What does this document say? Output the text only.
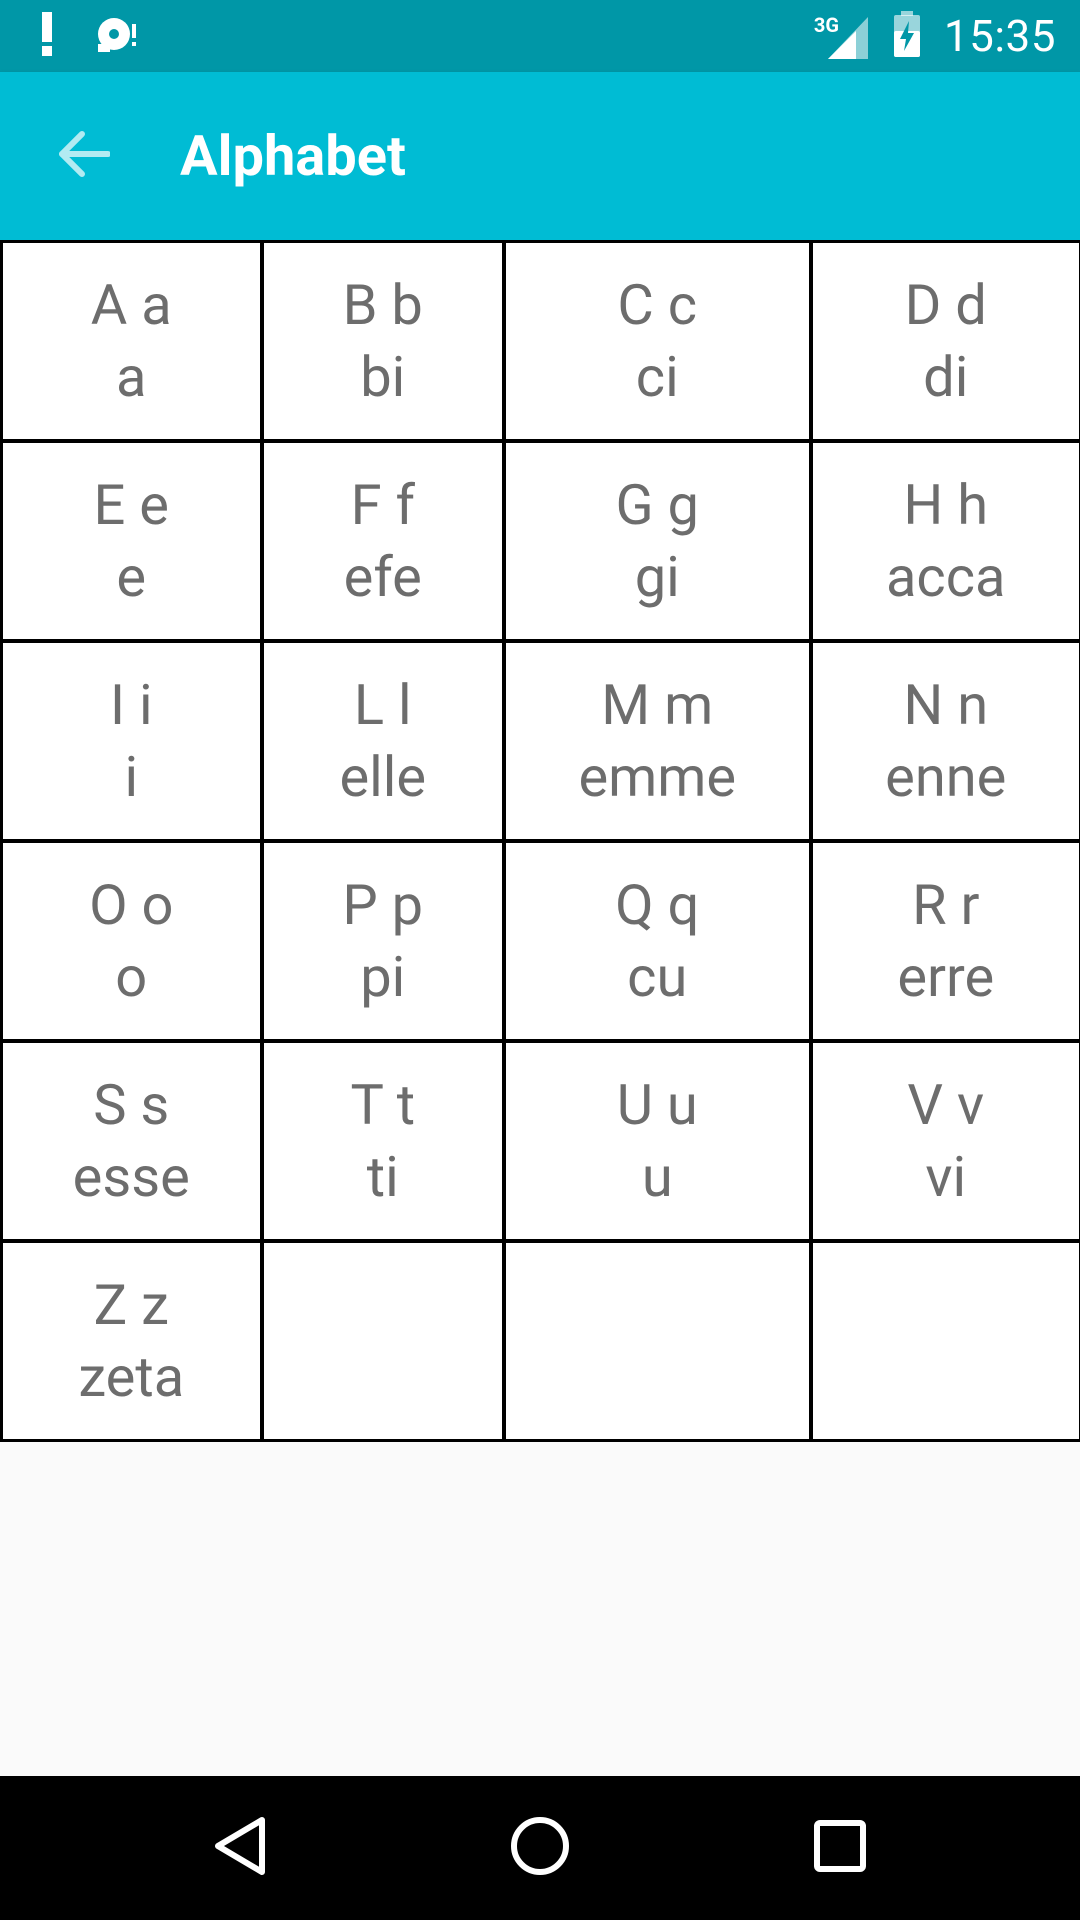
3G 15:35
Alphabet
A a
a
B b
bi
C c
ci
D d
di
E e
e
F f
efe
G g
gi
H h
acca
I i
i
L l
elle
M m
emme
N n
enne
O o
o
P p
pi
Q q
cu
R r
erre
S s
esse
T t
ti
U u
u
V v
vi
Z z
zeta
